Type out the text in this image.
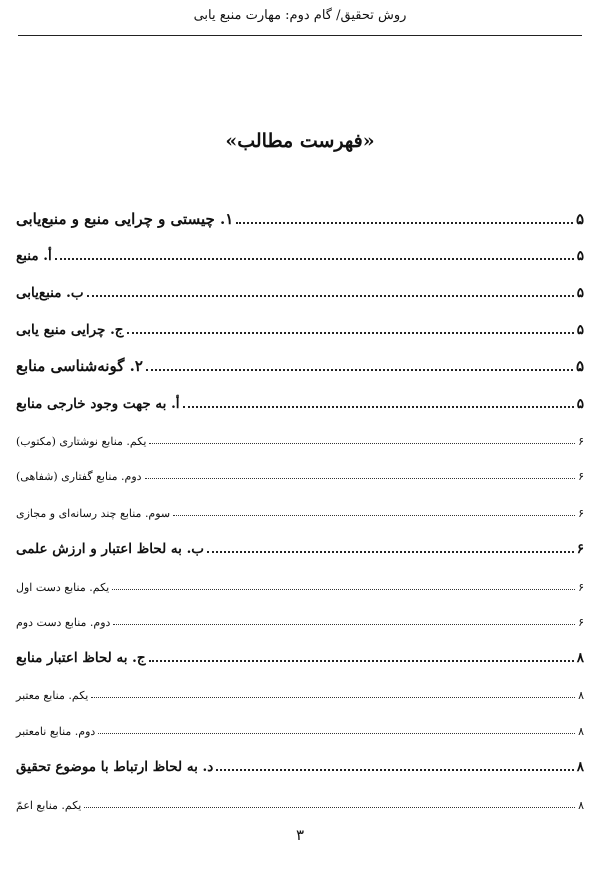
روش تحقیق/ گام دوم: مهارت منبع یابی
«فهرست مطالب»
۱. چیستی و چرایی منبع و منبع‌یابی	۵
أ. منبع	۵
ب. منبع‌یابی	۵
ج. چرایی منبع یابی	۵
۲. گونه‌شناسی منابع	۵
أ. به جهت وجود خارجی منابع	۵
یکم. منابع نوشتاری (مکتوب)	۶
دوم. منابع گفتاری (شفاهی)	۶
سوم. منابع چند رسانه‌ای و مجازی	۶
ب. به لحاظ اعتبار و ارزش علمی	۶
یکم. منابع دست اول	۶
دوم. منابع دست دوم	۶
ج. به لحاظ اعتبار منابع	۸
یکم. منابع معتبر	۸
دوم. منابع نامعتبر	۸
د. به لحاظ ارتباط با موضوع تحقیق	۸
یکم. منابع اعمّ	۸
۳
